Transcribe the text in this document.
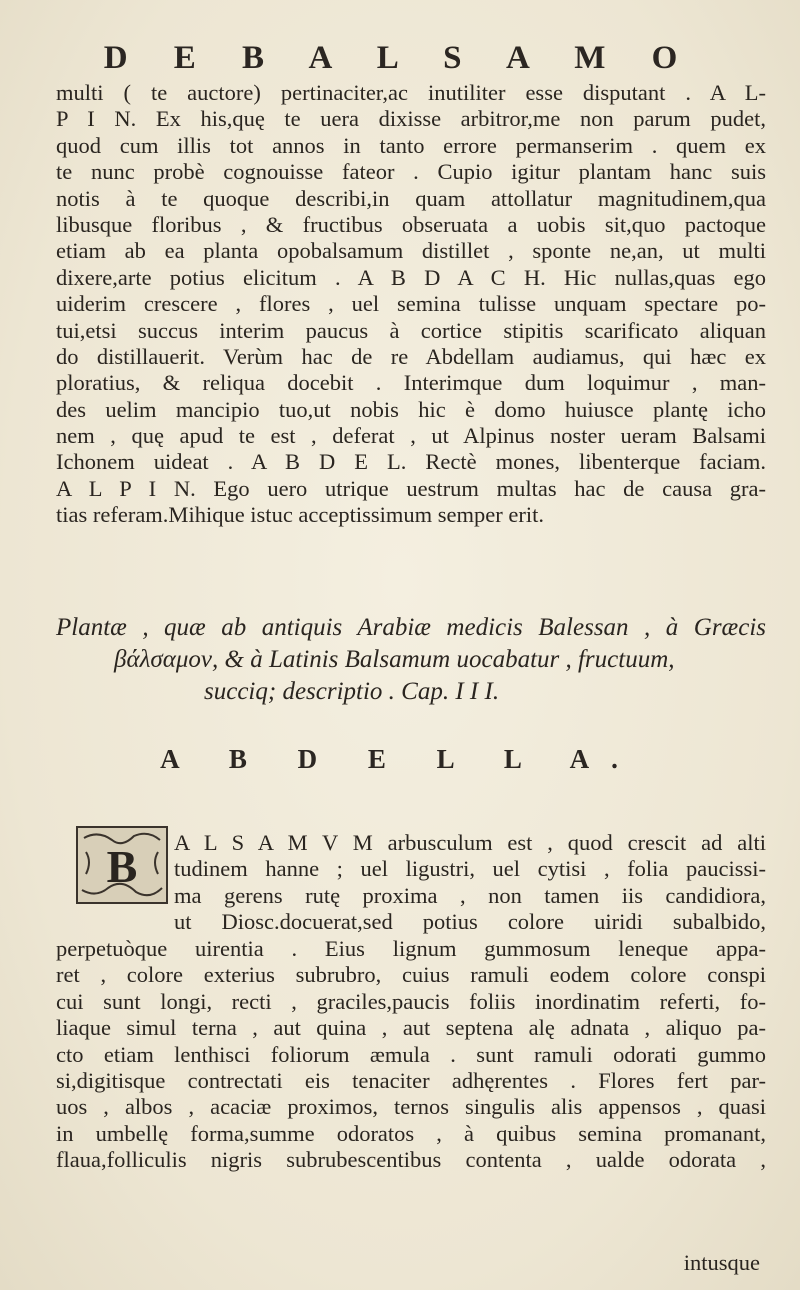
D E B A L S A M O
multi ( te auctore) pertinaciter,ac inutiliter esse disputant . A L-
P I N. Ex his,quę te uera dixisse arbitror,me non parum pudet,
quod cum illis tot annos in tanto errore permanserim . quem ex
te nunc probè cognouisse fateor . Cupio igitur plantam hanc suis
notis à te quoque describi,in quam attollatur magnitudinem,qua
libusque floribus , & fructibus obseruata a uobis sit,quo pactoque
etiam ab ea planta opobalsamum distillet , sponte ne,an, ut multi
dixere,arte potius elicitum . A B D A C H. Hic nullas,quas ego
uiderim crescere , flores , uel semina tulisse unquam spectare po-
tui,etsi succus interim paucus à cortice stipitis scarificato aliquan
do distillauerit. Verùm hac de re Abdellam audiamus, qui hæc ex
ploratius, & reliqua docebit . Interimque dum loquimur , man-
des uelim mancipio tuo,ut nobis hic è domo huiusce plantę icho
nem , quę apud te est , deferat , ut Alpinus noster ueram Balsami
Ichonem uideat . A B D E L. Rectè mones, libenterque faciam.
A L P I N. Ego uero utrique uestrum multas hac de causa gra-
tias referam.Mihique istuc acceptissimum semper erit.
Plantæ , quæ ab antiquis Arabiæ medicis Balessan , à Græcis
βάλσαμον, & à Latinis Balsamum uocabatur , fructuum,
succiq; descriptio . Cap. I I I.
A B D E L L A.
B A L S A M V M arbusculum est , quod crescit ad alti
tudinem hanne ; uel ligustri, uel cytisi , folia paucissi-
ma gerens rutę proxima , non tamen iis candidiora,
ut Diosc.docuerat,sed potius colore uiridi subalbido,
perpetuòque uirentia . Eius lignum gummosum leneque appa-
ret , colore exterius subrubro, cuius ramuli eodem colore conspi
cui sunt longi, recti , graciles,paucis foliis inordinatim referti, fo-
liaque simul terna , aut quina , aut septena alę adnata , aliquo pa-
cto etiam lenthisci foliorum æmula . sunt ramuli odorati gummo
si,digitisque contrectati eis tenaciter adhęrentes . Flores fert par-
uos , albos , acaciæ proximos, ternos singulis alis appensos , quasi
in umbellę forma,summe odoratos , à quibus semina promanant,
flaua,folliculis nigris subrubescentibus contenta , ualde odorata ,
intusque
